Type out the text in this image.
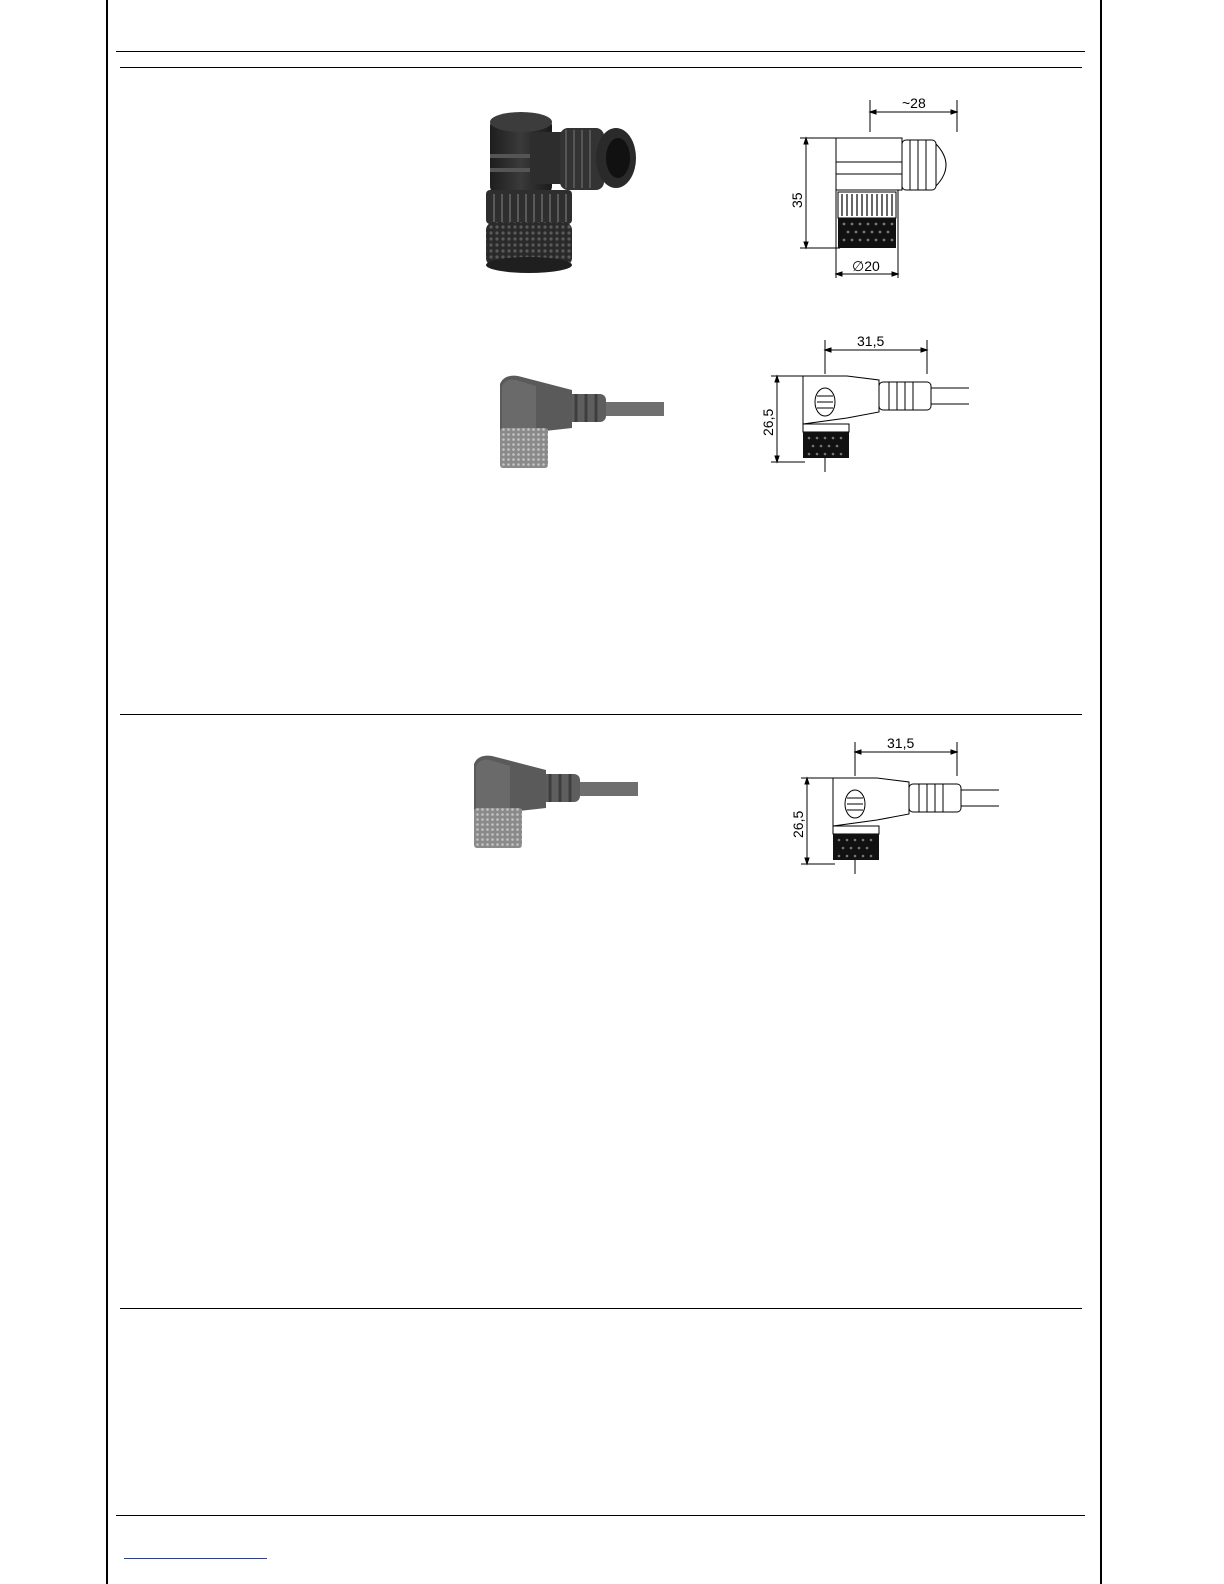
~28
35
∅20
31,5
26,5
31,5
26,5
